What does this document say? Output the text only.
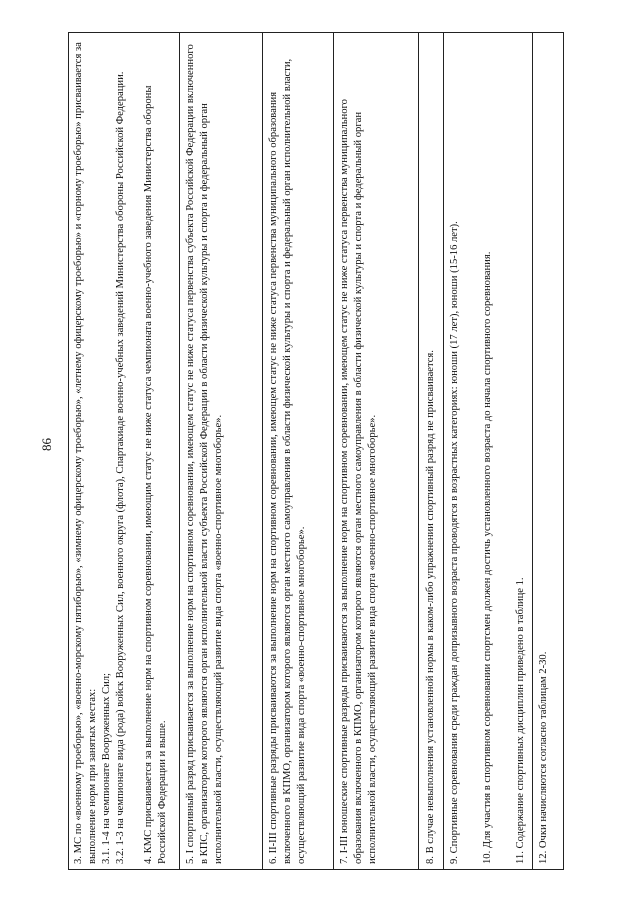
86 3. МС по «военному троеборью», «военно-морскому пятиборью», «зимнему офицерскому троеборью», «летнему офицерскому троеборью» и «горному троеборью» присваивается за выполнение норм при занятых местах: 3.1. 1-4 на чемпионате Вооруженных Сил; 3.2. 1-3 на чемпионате вида (рода) войск Вооруженных Сил, военного округа (флота), Спартакиаде военно-учебных заведений Министерства обороны Российской Федерации. 4. КМС присваивается за выполнение норм на спортивном соревновании, имеющим статус не ниже статуса чемпионата военно-учебного заведения Министерства обороны Российской Федерации и выше. 5. I спортивный разряд присваивается за выполнение норм на спортивном соревновании, имеющем статус не ниже статуса первенства субъекта Российской Федерации включенного в КПС, организатором которого являются орган исполнительной власти субъекта Российской Федерации в области физической культуры и спорта и федеральный орган исполнительной власти, осуществляющий развитие вида спорта «военно-спортивное многоборье».	6. II-III спортивные разряды присваиваются за выполнение норм на спортивном соревновании, имеющем статус не ниже статуса первенства муниципального образования включенного в КПМО, организатором которого являются орган местного самоуправления в области физической культуры и спорта и федеральный орган исполнительной власти, осуществляющий развитие вида спорта «военно-спортивное многоборье».	7. I-III юношеские спортивные разряды присваиваются за выполнение норм на спортивном соревновании, имеющем статус не ниже статуса первенства муниципального образования включенного в КПМО, организатором которого являются орган местного самоуправления в области физической культуры и спорта и федеральный орган исполнительной власти, осуществляющий развитие вида спорта «военно-спортивное многоборье».	8. В случае невыполнения установленной нормы в каком-либо упражнении спортивный разряд не присваивается. 9. Спортивные соревнования среди граждан допризывного возраста проводятся в возрастных категориях: юноши (17 лет), юноши (15-16 лет). 10. Для участия в спортивном соревновании спортсмен должен достичь установленного возраста до начала спортивного соревнования. 11. Содержание спортивных дисциплин приведено в таблице 1. 12. Очки начисляются согласно таблицам 2-30.
